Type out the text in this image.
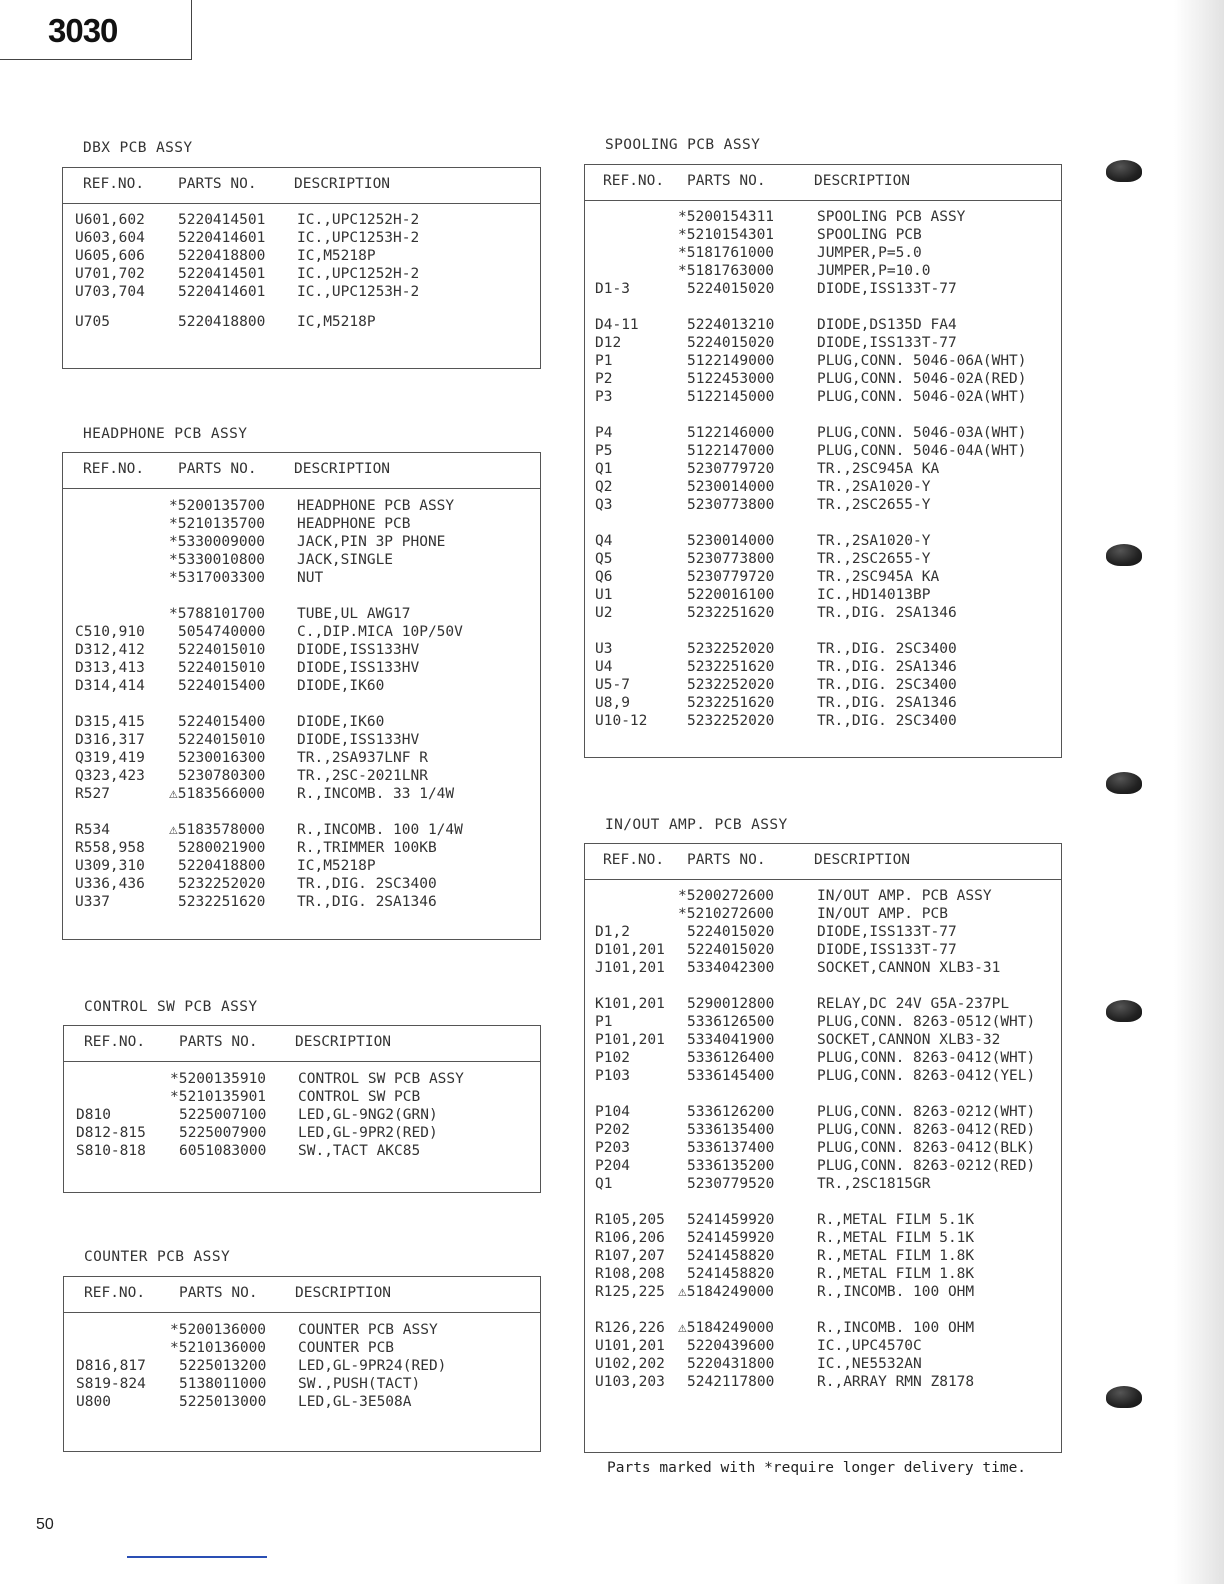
3030
Parts marked with *require longer delivery time.
50
DBX PCB ASSY
REF.NO. PARTS NO.	DESCRIPTION
U601,602 5220414501 IC.,UPC1252H-2
U603,604 5220414601 IC.,UPC1253H-2
U605,606 5220418800 IC,M5218P
U701,702 5220414501 IC.,UPC1252H-2
U703,704 5220414601 IC.,UPC1253H-2
U705	5220418800 IC,M5218P
HEADPHONE PCB ASSY
REF.NO. PARTS NO.	DESCRIPTION
*5200135700 HEADPHONE PCB ASSY
*5210135700 HEADPHONE PCB
*5330009000 JACK,PIN 3P PHONE
*5330010800 JACK,SINGLE
*5317003300 NUT
*5788101700 TUBE,UL AWG17
C510,910 5054740000 C.,DIP.MICA 10P/50V
D312,412 5224015010 DIODE,ISS133HV
D313,413 5224015010 DIODE,ISS133HV
D314,414 5224015400 DIODE,IK60
D315,415 5224015400 DIODE,IK60
D316,317 5224015010 DIODE,ISS133HV
Q319,419 5230016300 TR.,2SA937LNF R
Q323,423 5230780300 TR.,2SC-2021LNR
R527	⚠5183566000 R.,INCOMB. 33 1/4W
R534	⚠5183578000 R.,INCOMB. 100 1/4W
R558,958 5280021900 R.,TRIMMER 100KB
U309,310 5220418800 IC,M5218P
U336,436 5232252020 TR.,DIG. 2SC3400
U337	5232251620 TR.,DIG. 2SA1346
CONTROL SW PCB ASSY
REF.NO. PARTS NO.	DESCRIPTION
*5200135910 CONTROL SW PCB ASSY
*5210135901 CONTROL SW PCB
D810	5225007100 LED,GL-9NG2(GRN)
D812-815 5225007900 LED,GL-9PR2(RED)
S810-818 6051083000 SW.,TACT AKC85
COUNTER PCB ASSY
REF.NO. PARTS NO.	DESCRIPTION
*5200136000 COUNTER PCB ASSY
*5210136000 COUNTER PCB
D816,817 5225013200 LED,GL-9PR24(RED)
S819-824 5138011000 SW.,PUSH(TACT)
U800	5225013000 LED,GL-3E508A
SPOOLING PCB ASSY
REF.NO. PARTS NO.	DESCRIPTION
*5200154311	SPOOLING PCB ASSY
*5210154301	SPOOLING PCB
*5181761000	JUMPER,P=5.0
*5181763000	JUMPER,P=10.0
D1-3	5224015020	DIODE,ISS133T-77
D4-11	5224013210	DIODE,DS135D FA4
D12	5224015020	DIODE,ISS133T-77
P1	5122149000	PLUG,CONN. 5046-06A(WHT)
P2	5122453000	PLUG,CONN. 5046-02A(RED)
P3	5122145000	PLUG,CONN. 5046-02A(WHT)
P4	5122146000	PLUG,CONN. 5046-03A(WHT)
P5	5122147000	PLUG,CONN. 5046-04A(WHT)
Q1	5230779720	TR.,2SC945A KA
Q2	5230014000	TR.,2SA1020-Y
Q3	5230773800	TR.,2SC2655-Y
Q4	5230014000	TR.,2SA1020-Y
Q5	5230773800	TR.,2SC2655-Y
Q6	5230779720	TR.,2SC945A KA
U1	5220016100	IC.,HD14013BP
U2	5232251620	TR.,DIG. 2SA1346
U3	5232252020	TR.,DIG. 2SC3400
U4	5232251620	TR.,DIG. 2SA1346
U5-7	5232252020	TR.,DIG. 2SC3400
U8,9	5232251620	TR.,DIG. 2SA1346
U10-12	5232252020	TR.,DIG. 2SC3400
IN/OUT AMP. PCB ASSY
REF.NO. PARTS NO.	DESCRIPTION
*5200272600	IN/OUT AMP. PCB ASSY
*5210272600	IN/OUT AMP. PCB
D1,2	5224015020	DIODE,ISS133T-77
D101,201 5224015020	DIODE,ISS133T-77
J101,201 5334042300	SOCKET,CANNON XLB3-31
K101,201 5290012800	RELAY,DC 24V G5A-237PL
P1	5336126500	PLUG,CONN. 8263-0512(WHT)
P101,201 5334041900	SOCKET,CANNON XLB3-32
P102	5336126400	PLUG,CONN. 8263-0412(WHT)
P103	5336145400	PLUG,CONN. 8263-0412(YEL)
P104	5336126200	PLUG,CONN. 8263-0212(WHT)
P202	5336135400	PLUG,CONN. 8263-0412(RED)
P203	5336137400	PLUG,CONN. 8263-0412(BLK)
P204	5336135200	PLUG,CONN. 8263-0212(RED)
Q1	5230779520	TR.,2SC1815GR
R105,205 5241459920	R.,METAL FILM 5.1K
R106,206 5241459920	R.,METAL FILM 5.1K
R107,207 5241458820	R.,METAL FILM 1.8K
R108,208 5241458820	R.,METAL FILM 1.8K
R125,225 ⚠5184249000	R.,INCOMB. 100 OHM
R126,226 ⚠5184249000	R.,INCOMB. 100 OHM
U101,201 5220439600	IC.,UPC4570C
U102,202 5220431800	IC.,NE5532AN
U103,203 5242117800	R.,ARRAY RMN Z8178
